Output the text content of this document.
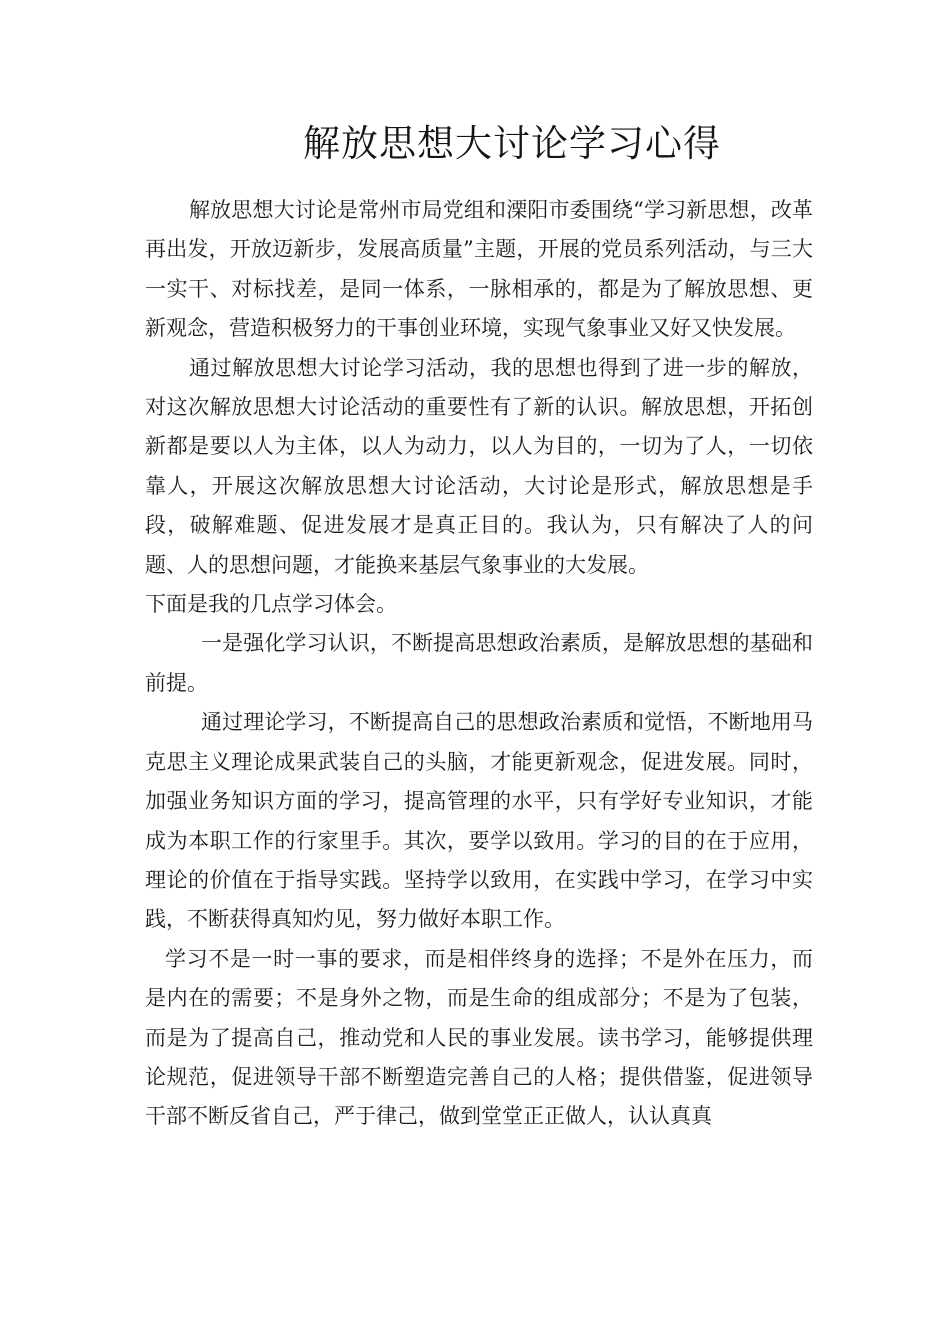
解放思想大讨论学习心得

解放思想大讨论是常州市局党组和溧阳市委围绕“学习新思想，改革再出发，开放迈新步，发展高质量”主题，开展的党员系列活动，与三大一实干、对标找差，是同一体系，一脉相承的，都是为了解放思想、更新观念，营造积极努力的干事创业环境，实现气象事业又好又快发展。

通过解放思想大讨论学习活动，我的思想也得到了进一步的解放，对这次解放思想大讨论活动的重要性有了新的认识。解放思想，开拓创新都是要以人为主体，以人为动力，以人为目的，一切为了人，一切依靠人，开展这次解放思想大讨论活动，大讨论是形式，解放思想是手段，破解难题、促进发展才是真正目的。我认为，只有解决了人的问题、人的思想问题，才能换来基层气象事业的大发展。

下面是我的几点学习体会。

一是强化学习认识，不断提高思想政治素质，是解放思想的基础和前提。

通过理论学习，不断提高自己的思想政治素质和觉悟，不断地用马克思主义理论成果武装自己的头脑，才能更新观念，促进发展。同时，加强业务知识方面的学习，提高管理的水平，只有学好专业知识，才能成为本职工作的行家里手。其次，要学以致用。学习的目的在于应用，理论的价值在于指导实践。坚持学以致用，在实践中学习，在学习中实践，不断获得真知灼见，努力做好本职工作。

学习不是一时一事的要求，而是相伴终身的选择；不是外在压力，而是内在的需要；不是身外之物，而是生命的组成部分；不是为了包装，而是为了提高自己，推动党和人民的事业发展。读书学习，能够提供理论规范，促进领导干部不断塑造完善自己的人格；提供借鉴，促进领导干部不断反省自己，严于律己，做到堂堂正正做人，认认真真
